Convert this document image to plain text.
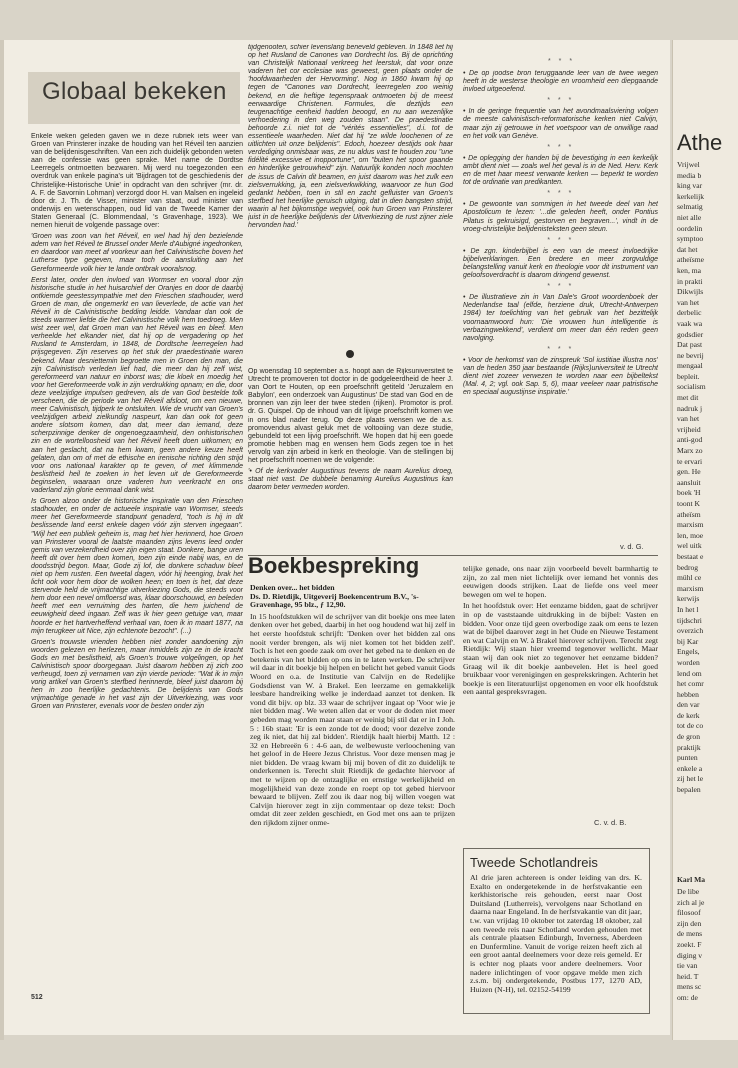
Globaal bekeken

Enkele weken geleden gaven we in deze rubriek iets weer van Groen van Prinsterer inzake de houding van het Réveil ten aanzien van de belijdenisgeschriften. Van een zich duidelijk gebonden weten aan de confessie was geen sprake. Met name de Dordtse Leerregels ontmoetten bezwaren. Mij werd nu toegezonden een overdruk van enkele pagina's uit 'Bijdragen tot de geschiedenis der Christelijke-Historische Unie' in opdracht van den schrijver (mr. dr. A. F. de Savornin Lohman) verzorgd door H. van Malsen en ingeleid door dr. J. Th. de Visser, minister van staat, oud minister van onderwijs en wetenschappen, oud lid van de Tweede Kamer der Staten Generaal (C. Blommendaal, 's Gravenhage, 1923). We nemen hieruit de volgende passage over:

'Groen was zoon van het Réveil, en wel had hij den bezielende adem van het Réveil te Brussel onder Merle d'Aubigné ingedronken, en daardoor van meet af voorkeur aan het Calvinistische boven het Lutherse type gegeven, maar toch de aansluiting aan het Gereformeerde volk hier te lande ontbrak vooralsnog.

Eerst later, onder den invloed van Wormser en vooral door zijn historische studie in het huisarchief der Oranjes en door de daarbij ontkiemde geestessympathie met den Frieschen stadhouder, werd Groen de man, die ongemerkt en van lieverlede, de actie van het Réveil in de Calvinistische bedding leidde. Vandaar dan ook de steeds warmer liefde die het Calvinistische volk hem toedroeg. Men wist zeer wel, dat Groen man van het Réveil was en bleef. Men verheelde het elkander niet, dat hij op de vergadering op het Rusland te Amsterdam, in 1848, de Dordtsche leerregelen had prijsgegeven. Zijn reserves op het stuk der praedestinatie waren bekend. Maar desniettemin begroette men in Groen den man, die zijn Calvinistisch verleden lief had, die meer dan hij zelf wist, gereformeerd van natuur en inborst was; die kloek en moedig het voor het Gereformeerde volk in zijn verdrukking opnam; en die, door deze veelzijdige impulsen gedreven, als de van God bestelde tolk verscheen, die de periode van het Réveil afsloot, om een nieuwe, meer Calvinistisch, tijdperk te ontsluiten. Wie de vrucht van Groen's veelzijdigen arbeid zielkundig naspeurt, kan dan ook tot geen andere slotsom komen, dan dat, meer dan iemand, deze scherpzinnige denker de ongenoegzaamheid, den onhistorischen zin en de wortelloosheid van het Réveil heeft doen uitkomen; en aan het geslacht, dat na hem kwam, geen andere keuze heeft gelaten, dan om of met de ethische en irenische richting den strijd voor ons nationaal karakter op te geven, of met klimmende beslistheid heil te zoeken in het leven uit de Gereformeerde beginselen, waaraan onze vaderen hun veerkracht en ons vaderland zijn glorie eenmaal dank wist.

Is Groen alzoo onder de historische inspiratie van den Frieschen stadhouder, en onder de actueele inspiratie van Wormser, steeds meer het Gereformeerde standpunt genaderd, "toch is hij in dit beslissende land eerst enkele dagen vóór zijn sterven ingegaan". "Wijl het een publiek geheim is, mag het hier herinnerd, hoe Groen van Prinsterer vooral de laatste maanden zijns levens leed onder gemis van verzekerdheid over zijn eigen staat. Donkere, bange uren heeft dit over hem doen komen, toen zijn einde nabij was, en de doodsstrijd begon. Maar, Gode zij lof, die donkere schaduw bleef niet op hem rusten. Een tweetal dagen, vóór hij heenging, brak het licht ook voor hem door de wolken heen; en toen is het, dat deze stervende held de vrijmachtige uitverkiezing Gods, die steeds voor hem door een nevel omfloersd was, klaar doorschouwd, en beleden heeft met een verruiming des harten, die hem juichend de eeuwigheid deed ingaan. Zelf was ik hier geen getuige van, maar hoorde er het hartverheffend verhaal van, toen ik in maart 1877, na mijn terugkeer uit Nice, zijn echtenote bezocht". (...)

Groen's trouwste vrienden hebben niet zonder aandoening zijn woorden gelezen en herlezen, maar inmiddels zijn ze in de kracht Gods en met beslistheid, als Groen's trouwe volgelingen, op het Calvinistisch spoor doorgegaan. Juist daarom hebben zij zich zoo verheugd, toen zij vernamen van zijn vierde periode: "Wat ik in mijn vorig artikel van Groen's sterfbed herinnerde, bleef juist daarom bij hen in zoo heerlijke gedachtenis. De belijdenis van Gods vrijmachtige genade in het vast zijn der Uitverkiezing, was voor Groen van Prinsterer, evenals voor de besten onder zijn

tijdgenooten, schier levenslang beneveld gebleven. In 1848 liet hij op het Rusland de Canones van Dordrecht los. Bij de oprichting van Christelijk Nationaal verkreeg het leerstuk, dat voor onze vaderen het cor ecclesiae was geweest, geen plaats onder de 'hoofdwaarheden der Hervorming'. Nog in 1860 kwam hij op tegen de "Canones van Dordrecht, leerregelen zoo weinig bekend, en die heftige tegenspraak ontmoeten bij de meest eerwaardige Christenen. Formules, die deztijds een teugenachtige eenheid hadden beoogd, en nu aan wezenlijke verhoedering in den weg zouden staan". De praedestinatie behoorde z.i. niet tot de "vérités essentielles", d.i. tot de essentieele waarheden. Niet dat hij "ze wilde loochenen of ze uitlichten uit onze belijdenis". Edoch, hoezeer destijds ook haar verdediging onmisbaar was, ze nu aldus vast te houden zou "une fidélité excessive et inopportune", om "buiten het spoor gaande en hinderlijke getrouwheid" zijn. Natuurlijk konden noch mochten de issus de Calvin dit beamen, en juist daarom was het zulk een zielsverrukking, ja, een zielsverkwikking, waarvoor ze hun God gedankt hebben, toen in stil en zacht gefluister van Groen's sterfbed het heerlijke geruisch uitging, dat in dien bangsten strijd, waarin al het bijkomstige wegviel, ook hun Groen van Prinsterer juist in de heerlijke belijdenis der Uitverkiezing de rust zijner ziele hervonden had.'

Op woensdag 10 september a.s. hoopt aan de Rijksuniversiteit te Utrecht te promoveren tot doctor in de godgeleerdheid de heer J. van Oort te Houten, op een proefschrift getiteld 'Jeruzalem en Babylon', een onderzoek van Augustinus' De stad van God en de bronnen van zijn leer der twee steden (rijken). Promotor is prof. dr. G. Quispel. Op de inhoud van dit lijvige proefschrift komen we in ons blad nader terug. Op deze plaats wensen we de a.s. promovendus alvast geluk met de voltooiing van deze studie, gebundeld tot een lijvig proefschrift. We hopen dat hij een goede promotie hebben mag en wensen hem Gods zegen toe in het vervolg van zijn arbeid in kerk en theologie. Van de stellingen bij het proefschrift noemen we de volgende:

'• Of de kerkvader Augustinus tevens de naam Aurelius droeg, staat niet vast. De dubbele benaming Aurelius Augustinus kan daarom beter vermeden worden.

• De op joodse bron teruggaande leer van de twee wegen heeft in de westerse theologie en vroomheid een diepgaande invloed uitgeoefend.

* * *

• In de geringe frequentie van het avondmaalsviering volgen de meeste calvinistisch-reformatorische kerken niet Calvijn, maar zijn zij getrouwe in het voetspoor van de onwillige raad en het volk van Genève.

* * *

• De oplegging der handen bij de bevestiging in een kerkelijk ambt dient niet — zoals wel het geval is in de Ned. Herv. Kerk en de met haar meest verwante kerken — beperkt te worden tot de ordinatie van predikanten.

* * *

• De gewoonte van sommigen in het tweede deel van het Apostolicum te lezen: '...die geleden heeft, onder Pontius Pilatus is gekruisigd, gestorven en begraven...', vindt in de vroeg-christelijke belijdenisteksten geen steun.

* * *

• De zgn. kinderbijbel is een van de meest invloedrijke bijbelverklaringen. Een bredere en meer zorgvuldige belangstelling vanuit kerk en theologie voor dit instrument van geloofsoverdracht is daarom dringend gewenst.

* * *

• De illustratieve zin in Van Dale's Groot woordenboek der Nederlandse taal (elfde, herziene druk, Utrecht-Antwerpen 1984) ter toelichting van het gebruik van het bezittelijk voornaamwoord hun: 'Die vrouwen hun intelligentie is verbazingwekkend', verdient om meer dan één reden geen navolging.

* * *

• Voor de herkomst van de zinspreuk 'Sol iustitiae illustra nos' van de heden 350 jaar bestaande (Rijks)universiteit te Utrecht dient niet zozeer verwezen te worden naar een bijbeltekst (Mal. 4, 2; vgl. ook Sap. 5, 6), maar veeleer naar patristische en speciaal augustijnse inspiratie.'

* * *
v. d. G.
Boekbespreking

Denken over... het bidden
Ds. D. Rietdijk, Uitgeverij Boekencentrum B.V., 's-Gravenhage, 95 blz., ƒ 12,90.

In 15 hoofdstukken wil de schrijver van dit boekje ons mee laten denken over het gebed, daarbij in het oog houdend wat hij zelf in het eerste hoofdstuk schrijft: 'Denken over het bidden zal ons nooit verder brengen, als wij niet komen tot het bidden zelf'. Toch is het een goede zaak om over het gebed na te denken en de betekenis van het bidden op ons in te laten werken. De schrijver wil daar in dit boekje bij helpen en belicht het gebed vanuit Gods Woord en o.a. de Institutie van Calvijn en de Redelijke Godsdienst van W. à Brakel. Een leerzame en gemakkelijk leesbare handreiking welke je inderdaad aanzet tot denken. Ik vond dit bijv. op blz. 33 waar de schrijver ingaat op 'Voor wie je niet bidden mag'. We weten allen dat er voor de doden niet meer gebeden mag worden maar staan er weinig bij stil dat er in I Joh. 5 : 16b staat: 'Er is een zonde tot de dood; voor dezelve zonde zeg ik niet, dat hij zal bidden'. Rietdijk haalt hierbij Matth. 12 : 32 en Hebreeën 6 : 4-6 aan, de welbewuste verloochening van het geloof in de Heere Jezus Christus. Voor deze mensen mag je niet bidden. De vraag kwam bij mij boven of dit zo duidelijk te onderkennen is. Terecht sluit Rietdijk de gedachte hiervoor af met te wijzen op de ontzaglijke en ernstige werkelijkheid en mogelijkheid van deze zonde en roept op tot gebed hiervoor bewaard te blijven. Zelf zou ik daar nog bij willen voegen wat Calvijn hierover zegt in zijn commentaar op deze tekst: Doch omdat dit zeer zelden geschiedt, en God met ons aan te prijzen den rijkdom zijner onme-

telijke genade, ons naar zijn voorbeeld bevelt barmhartig te zijn, zo zal men niet lichtelijk over iemand het vonnis des eeuwigen doods strijken. Laat de liefde ons veel meer bewegen om wel te hopen.

In het hoofdstuk over: Het eenzame bidden, gaat de schrijver in op de vaststaande uitdrukking in de bijbel: Vasten en bidden. Voor onze tijd geen overbodige zaak om eens te lezen wat de bijbel daarover zegt in het Oude en Nieuwe Testament en wat Calvijn en W. à Brakel hierover schrijven. Terecht zegt Rietdijk: Wij staan hier vreemd tegenover wellicht. Maar staan wij dan ook niet zo tegenover het eenzame bidden? Graag wil ik dit boekje aanbevelen. Het is heel goed bruikbaar voor verenigingen en gesprekskringen. Achterin het boekje is een literatuurlijst opgenomen en voor elk hoofdstuk een aantal gespreksvragen.

C. v. d. B.
Tweede Schotlandreis

Al drie jaren achtereen is onder leiding van drs. K. Exalto en ondergetekende in de herfstvakantie een kerkhistorische reis gehouden, eerst naar Oost Duitsland (Lutherreis), vervolgens naar Schotland en daarna naar Engeland. In de herfstvakantie van dit jaar, t.w. van vrijdag 10 oktober tot zaterdag 18 oktober, zal een tweede reis naar Schotland worden gehouden met als centrale plaatsen Edinburgh, Inverness, Aberdeen en Dunfermline. Vanuit de vorige reizen heeft zich al een groot aantal deelnemers voor deze reis gemeld. Er is echter nog plaats voor andere deelnemers. Voor nadere inlichtingen of voor opgave melde men zich z.s.m. bij ondergetekende, Postbus 177, 1270 AD, Huizen (N-H), tel. 02152-54199

512
Athe
Vrijwel
media b
king var
kerkelijk
selmatig
niet alle
oordelin
symptoo
dat het
atheïsme
ken, ma
in prakti
Dikwijls
van het
derbelic
vaak wa
godsdier
Dat past
ne bevrij
mengaal
bepleit.
socialism
met dit
nadruk j
van het
vrijheid
anti-god
Marx zo
te ervari
gen. He
aansluit
boek 'H
toont K
atheïsm
marxism
len, moe
wel uitk
bestaat e
bedrog
mühl ce
marxism
kerwijs
In het l
tijdschri
overzich
bij Kar
Engels,
worden
lend om
het comr
hebben
den var
de kerk
tot de co
de gron
praktijk
punten
enkele a
zij het le
bepalen
Karl Ma
De libe
zich al je
filosoof
zijn den
de mens
zoekt. F
diging v
tie van
heid. T
mens sc
om: de
